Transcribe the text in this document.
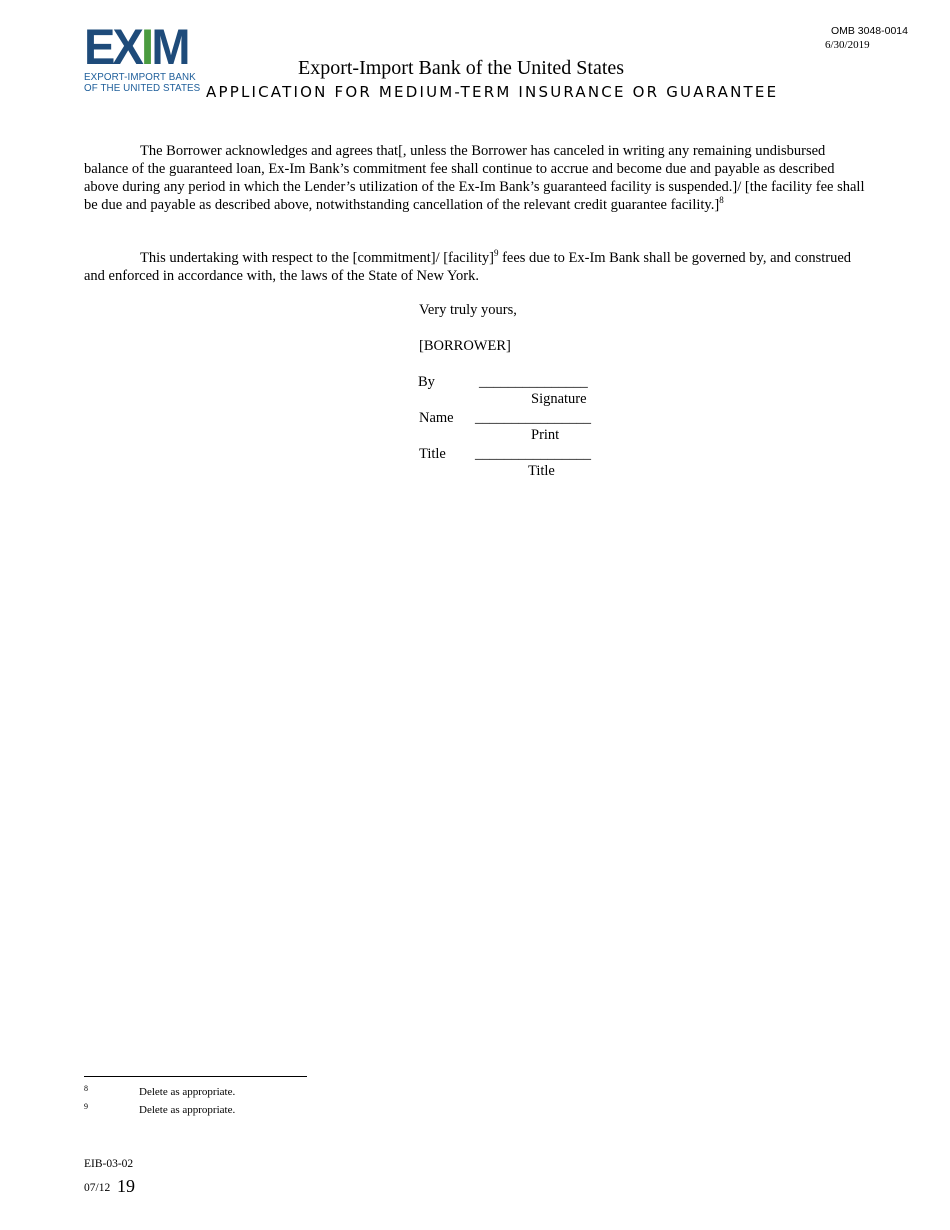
EXIM
EXPORT-IMPORT BANK
OF THE UNITED STATES
OMB 3048-0014
6/30/2019
Export-Import Bank of the United States
APPLICATION FOR MEDIUM-TERM INSURANCE OR GUARANTEE

The Borrower acknowledges and agrees that[, unless the Borrower has canceled in writing any remaining undisbursed balance of the guaranteed loan, Ex-Im Bank’s commitment fee shall continue to accrue and become due and payable as described above during any period in which the Lender’s utilization of the Ex-Im Bank’s guaranteed facility is suspended.]/ [the facility fee shall be due and payable as described above, notwithstanding cancellation of the relevant credit guarantee facility.]$^8$

This undertaking with respect to the [commitment]/ [facility]$^9$ fees due to Ex-Im Bank shall be governed by, and construed and enforced in accordance with, the laws of the State of New York.

Very truly yours,
[BORROWER]
By	_______________
Signature
Name ________________
Print
Title ________________
Title
8	Delete as appropriate.
9	Delete as appropriate.
EIB-03-02
07/12 19
